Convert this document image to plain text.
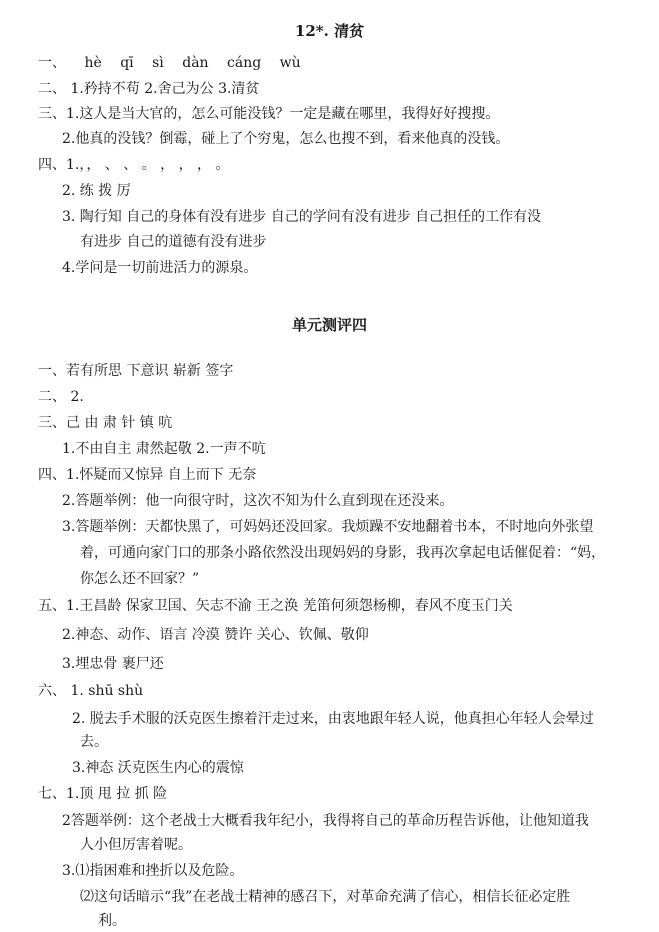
12*. 清贫
一、 hè qī sì dàn cáng wù
二、 1.矜持不苟 2.舍己为公 3.清贫
三、1.这人是当大官的，怎么可能没钱？一定是藏在哪里，我得好好搜搜。
2.他真的没钱？倒霉，碰上了个穷鬼，怎么也搜不到，看来他真的没钱。
四、1.，， 、 、 。 ， ， ， 。
2. 练 拨 厉
3. 陶行知 自己的身体有没有进步 自己的学问有没有进步 自己担任的工作有没
有进步 自己的道德有没有进步
4.学问是一切前进活力的源泉。
单元测评四
一、若有所思 下意识 崭新 签字
二、 2.
三、己 由 肃 针 镇 吭
1.不由自主 肃然起敬 2.一声不吭
四、1.怀疑而又惊异 自上而下 无奈
2.答题举例：他一向很守时，这次不知为什么直到现在还没来。
3.答题举例：天都快黑了，可妈妈还没回家。我烦躁不安地翻着书本，不时地向外张望
着，可通向家门口的那条小路依然没出现妈妈的身影，我再次拿起电话催促着：“妈，
你怎么还不回家？”
五、1.王昌龄 保家卫国、矢志不渝 王之涣 羌笛何须怨杨柳，春风不度玉门关
2.神态、动作、语言 冷漠 赞许 关心、钦佩、敬仰
3.埋忠骨 裹尸还
六、 1. shū shù
2. 脱去手术服的沃克医生擦着汗走过来，由衷地跟年轻人说，他真担心年轻人会晕过
去。
3.神态 沃克医生内心的震惊
七、1.顶 甩 拉 抓 险
2答题举例：这个老战士大概看我年纪小，我得将自己的革命历程告诉他，让他知道我
人小但厉害着呢。
3.⑴指困难和挫折以及危险。
⑵这句话暗示“我”在老战士精神的感召下，对革命充满了信心，相信长征必定胜
利。
